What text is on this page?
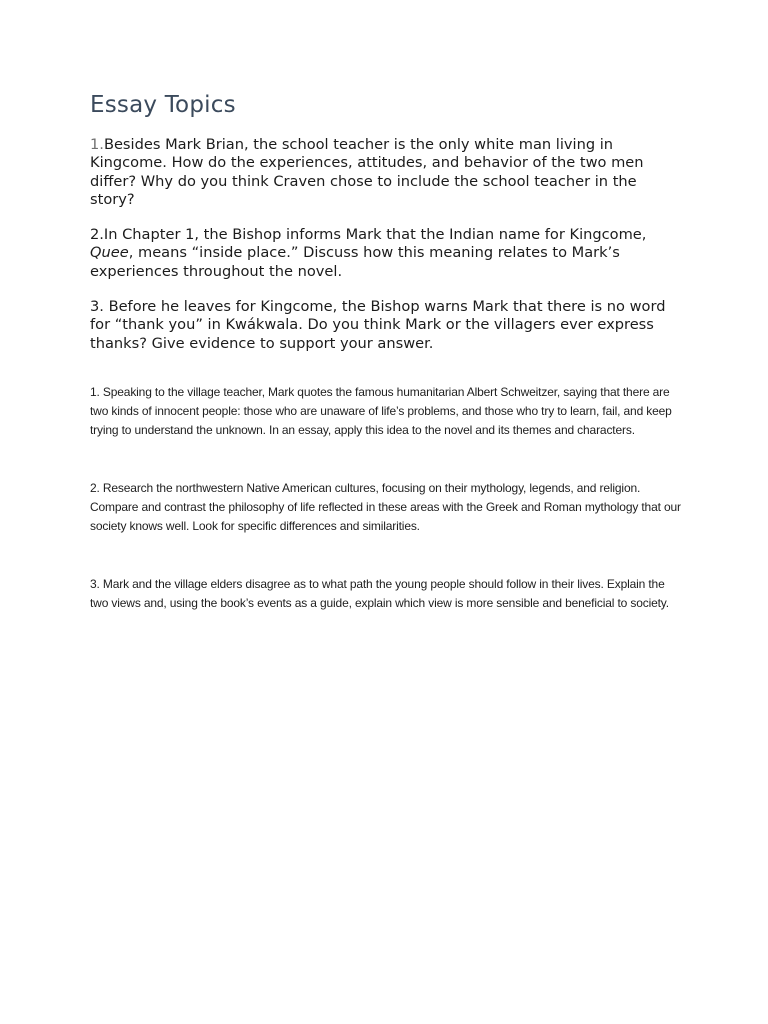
Essay Topics

1.Besides Mark Brian, the school teacher is the only white man living in Kingcome. How do the experiences, attitudes, and behavior of the two men differ? Why do you think Craven chose to include the school teacher in the story?

2.In Chapter 1, the Bishop informs Mark that the Indian name for Kingcome, Quee, means “inside place.” Discuss how this meaning relates to Mark’s experiences throughout the novel.

3. Before he leaves for Kingcome, the Bishop warns Mark that there is no word for “thank you” in Kwákwala. Do you think Mark or the villagers ever express thanks? Give evidence to support your answer.

1. Speaking to the village teacher, Mark quotes the famous humanitarian Albert Schweitzer, saying that there are two kinds of innocent people: those who are unaware of life’s problems, and those who try to learn, fail, and keep trying to understand the unknown. In an essay, apply this idea to the novel and its themes and characters.

2. Research the northwestern Native American cultures, focusing on their mythology, legends, and religion. Compare and contrast the philosophy of life reflected in these areas with the Greek and Roman mythology that our society knows well. Look for specific differences and similarities.

3. Mark and the village elders disagree as to what path the young people should follow in their lives. Explain the two views and, using the book’s events as a guide, explain which view is more sensible and beneficial to society.
